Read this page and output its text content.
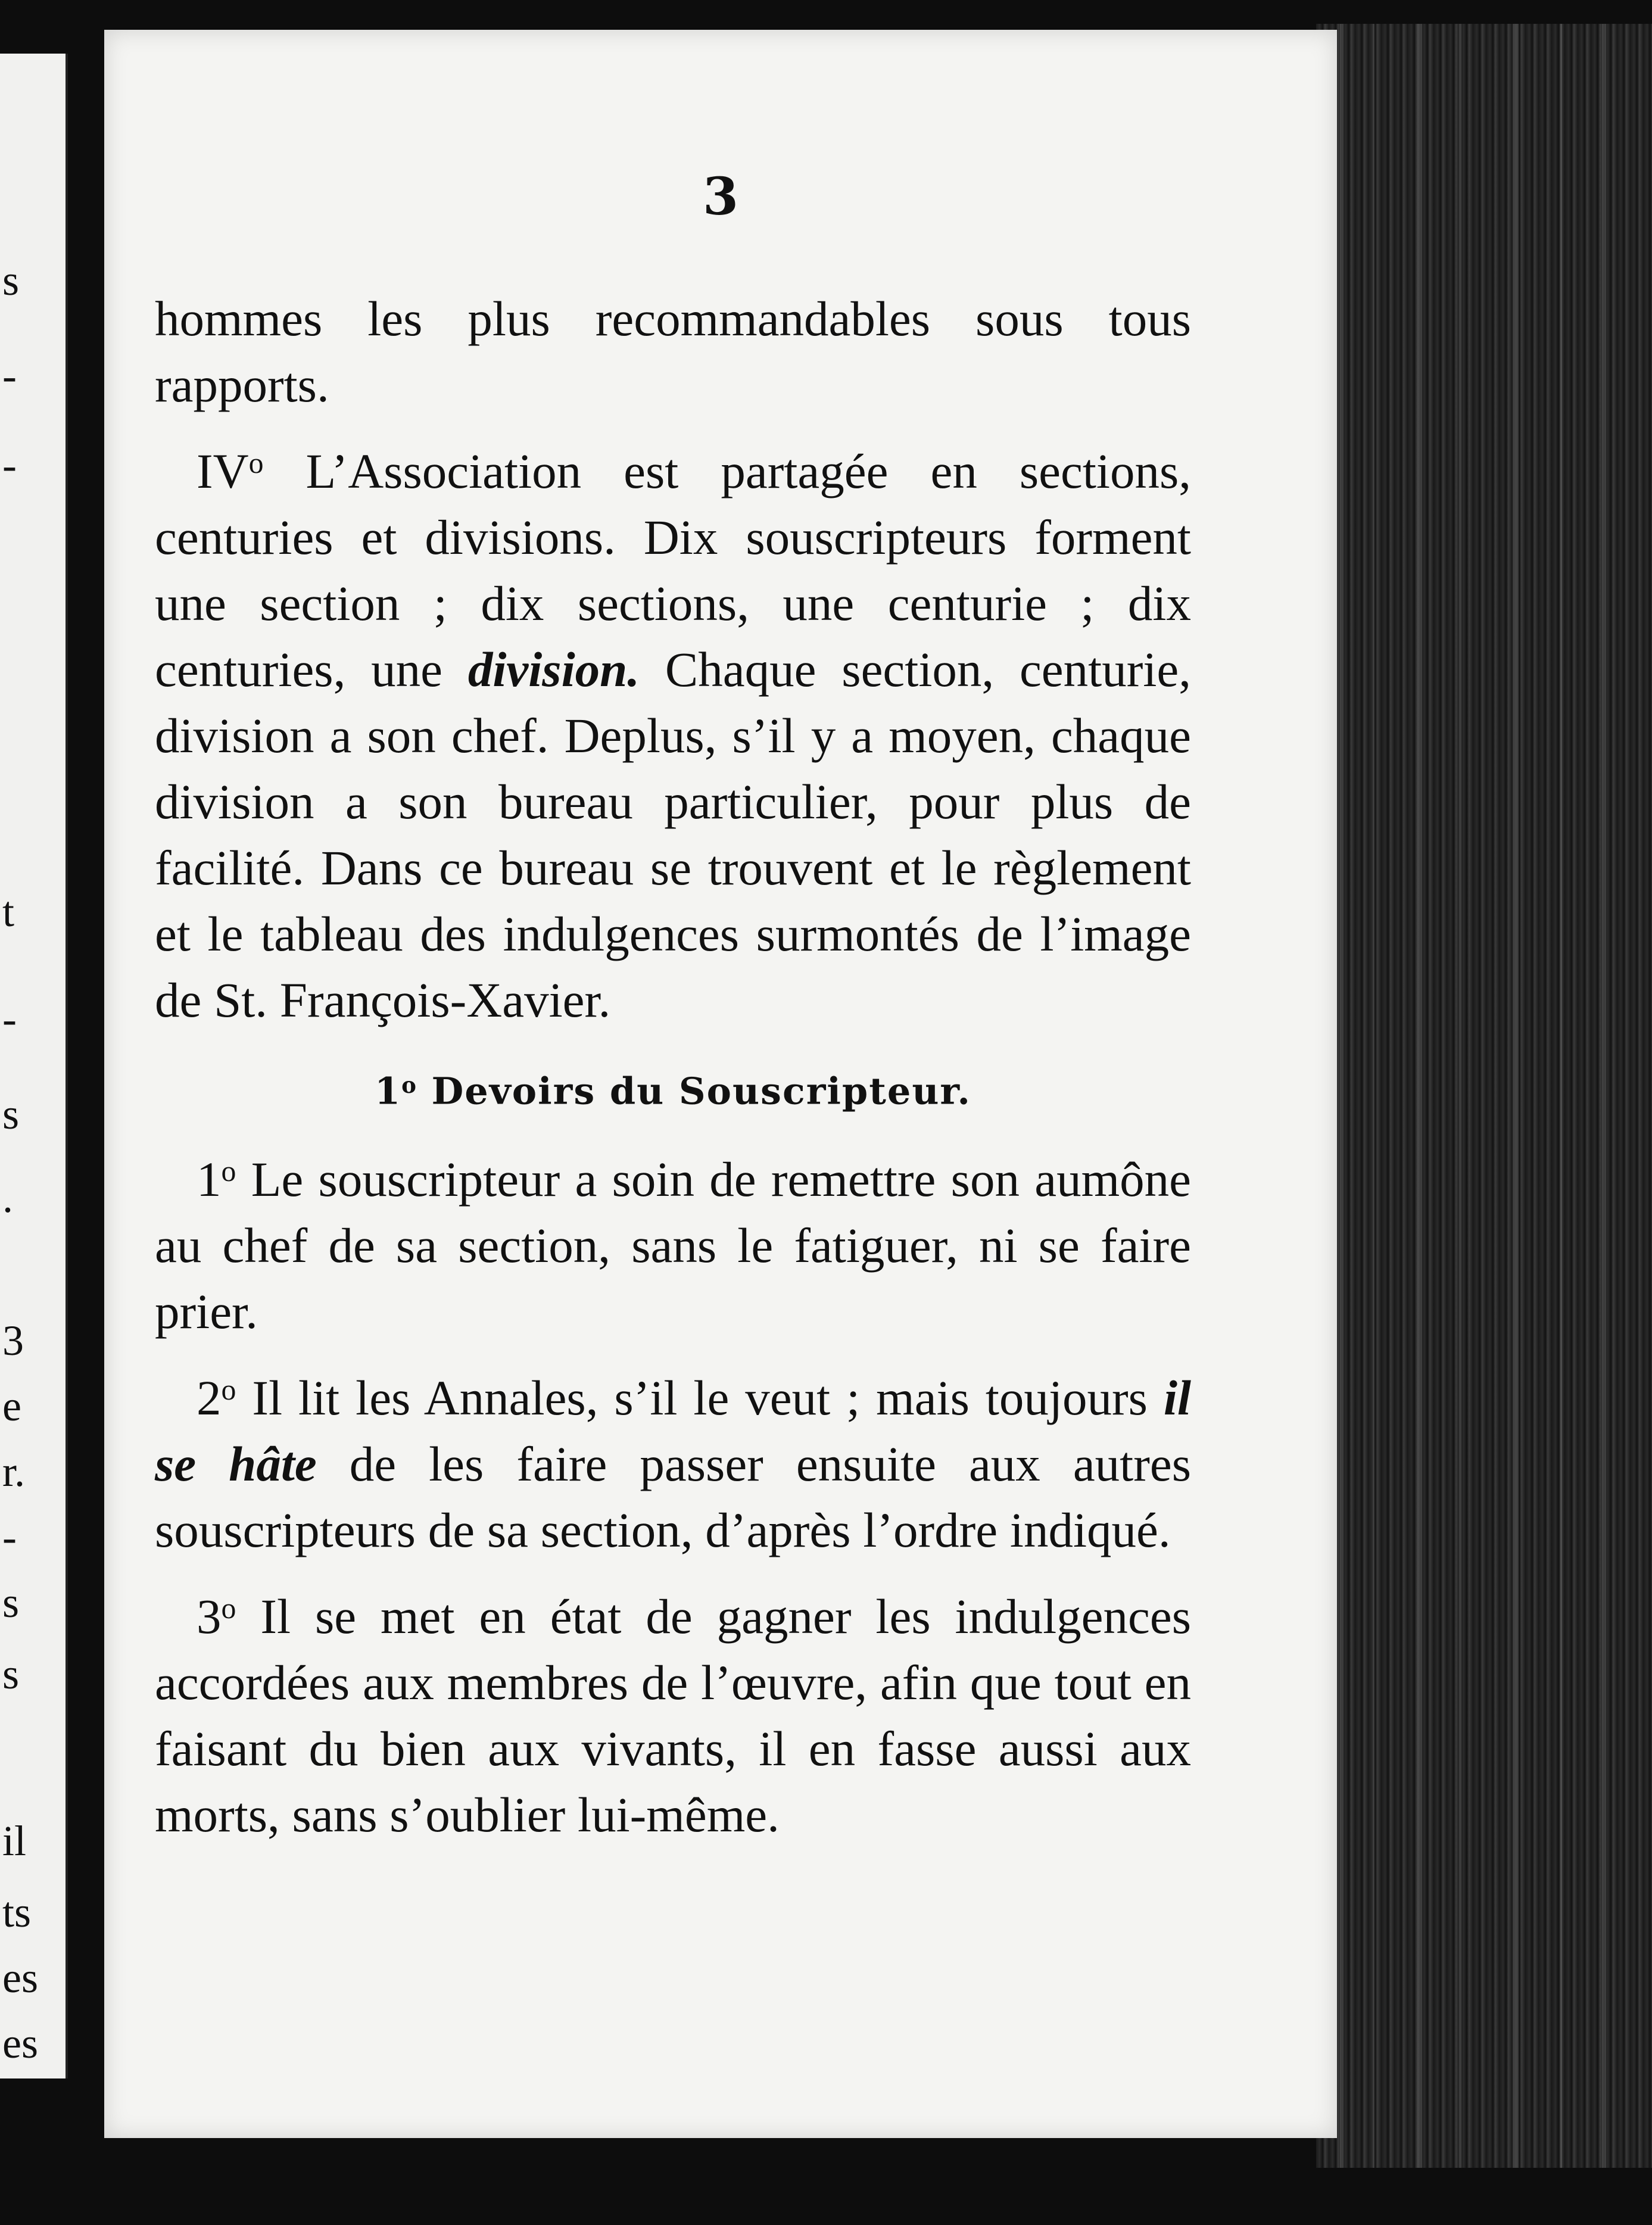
s
-
-
t
-
s
.
3
e
r.
-
s
s
il
ts
es
es
3

hommes les plus recommandables sous tous rapports.

$IV^o$ L’Association est partagée en sections, centuries et divisions. Dix souscripteurs forment une section ; dix sections, une centurie ; dix centuries, une division. Chaque section, centurie, division a son chef. Deplus, s’il y a moyen, chaque division a son bureau particulier, pour plus de facilité. Dans ce bureau se trouvent et le règlement et le tableau des indulgences surmontés de l’image de St. François-Xavier.

1$^o$ Devoirs du Souscripteur.

1$^o$ Le souscripteur a soin de remettre son aumône au chef de sa section, sans le fatiguer, ni se faire prier.

2$^o$ Il lit les Annales, s’il le veut ; mais toujours il se hâte de les faire passer ensuite aux autres souscripteurs de sa section, d’après l’ordre indiqué.

3$^o$ Il se met en état de gagner les indulgences accordées aux membres de l’œuvre, afin que tout en faisant du bien aux vivants, il en fasse aussi aux morts, sans s’oublier lui-même.
